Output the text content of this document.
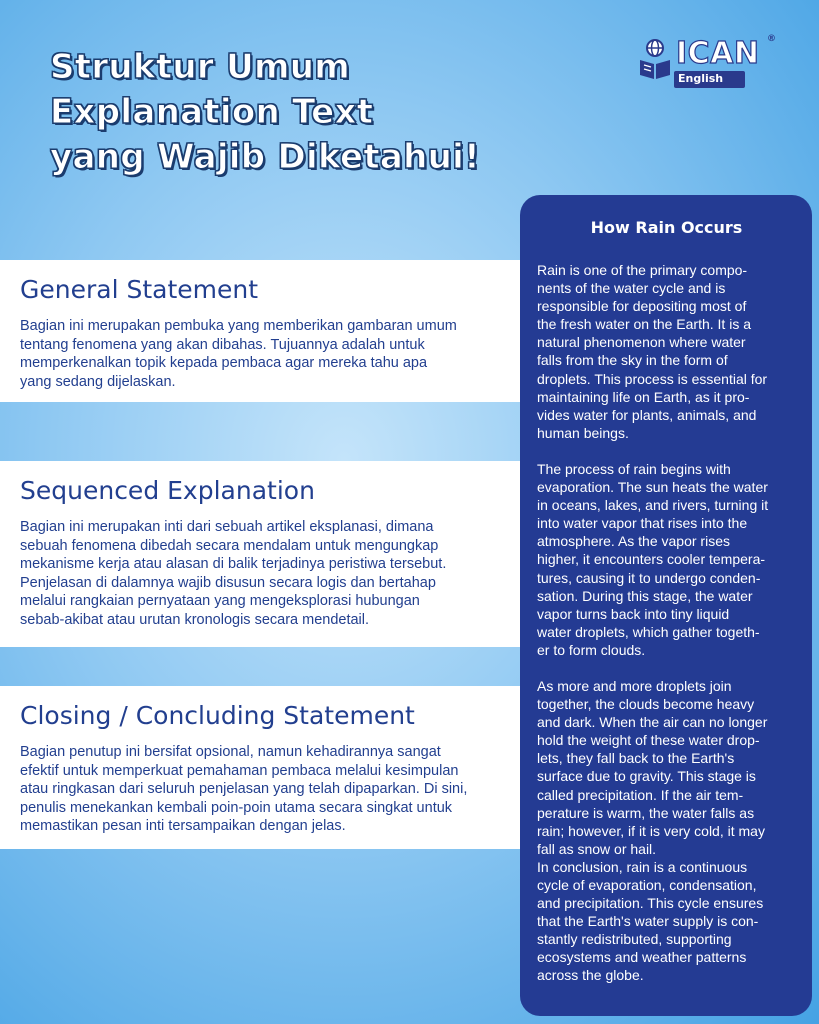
Struktur Umum
Explanation Text
yang Wajib Diketahui!
ICAN ®
English
General Statement

Bagian ini merupakan pembuka yang memberikan gambaran umum
tentang fenomena yang akan dibahas. Tujuannya adalah untuk
memperkenalkan topik kepada pembaca agar mereka tahu apa
yang sedang dijelaskan.

Sequenced Explanation

Bagian ini merupakan inti dari sebuah artikel eksplanasi, dimana
sebuah fenomena dibedah secara mendalam untuk mengungkap
mekanisme kerja atau alasan di balik terjadinya peristiwa tersebut.
Penjelasan di dalamnya wajib disusun secara logis dan bertahap
melalui rangkaian pernyataan yang mengeksplorasi hubungan
sebab-akibat atau urutan kronologis secara mendetail.

Closing / Concluding Statement

Bagian penutup ini bersifat opsional, namun kehadirannya sangat
efektif untuk memperkuat pemahaman pembaca melalui kesimpulan
atau ringkasan dari seluruh penjelasan yang telah dipaparkan. Di sini,
penulis menekankan kembali poin-poin utama secara singkat untuk
memastikan pesan inti tersampaikan dengan jelas.

How Rain Occurs

Rain is one of the primary compo-
nents of the water cycle and is
responsible for depositing most of
the fresh water on the Earth. It is a
natural phenomenon where water
falls from the sky in the form of
droplets. This process is essential for
maintaining life on Earth, as it pro-
vides water for plants, animals, and
human beings.

The process of rain begins with
evaporation. The sun heats the water
in oceans, lakes, and rivers, turning it
into water vapor that rises into the
atmosphere. As the vapor rises
higher, it encounters cooler tempera-
tures, causing it to undergo conden-
sation. During this stage, the water
vapor turns back into tiny liquid
water droplets, which gather togeth-
er to form clouds.

As more and more droplets join
together, the clouds become heavy
and dark. When the air can no longer
hold the weight of these water drop-
lets, they fall back to the Earth's
surface due to gravity. This stage is
called precipitation. If the air tem-
perature is warm, the water falls as
rain; however, if it is very cold, it may
fall as snow or hail.

In conclusion, rain is a continuous
cycle of evaporation, condensation,
and precipitation. This cycle ensures
that the Earth's water supply is con-
stantly redistributed, supporting
ecosystems and weather patterns
across the globe.
